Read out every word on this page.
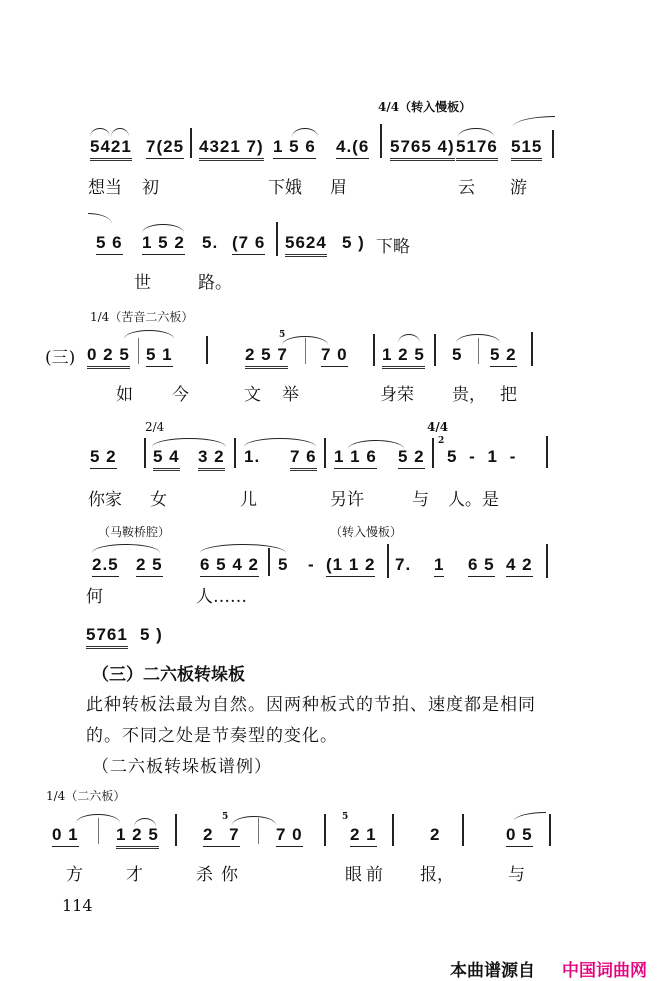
4/4（转入慢板）
5421 7(25 4321 7) 1 5 6 4.(6 5765 4) 5176 515
想当 初	下娥 眉	云 游
5 6 1 5 2 5. (7 6 5624 5 ) 下略
世	路。
1/4（苦音二六板）
(三) 0 2 5 5 1
5
2 5 7 7 0 1 2 5 5 5 2
如 今	文 举	身荣 贵， 把
2/4	4/4
5 2 5 4 3 2 1. 7 6 1 1 6 5 2
2
5 - 1 -
你家 女	儿	另许	与 人。是
（马鞍桥腔）	（转入慢板）
2.5 2 5 6 5 4 2 5 - (1 1 2 7. 1 6 5 4 2
何	人……
5761 5 )
（三）二六板转垛板
此种转板法最为自然。因两种板式的节拍、速度都是相同
的。不同之处是节奏型的变化。
（二六板转垛板谱例）
1/4（二六板）
0 1 1 2 5
5
2 7 7 0
5
2 1	2	0 5
方	才	杀你	眼前 报，	与
114
本曲谱源自 中国词曲网
